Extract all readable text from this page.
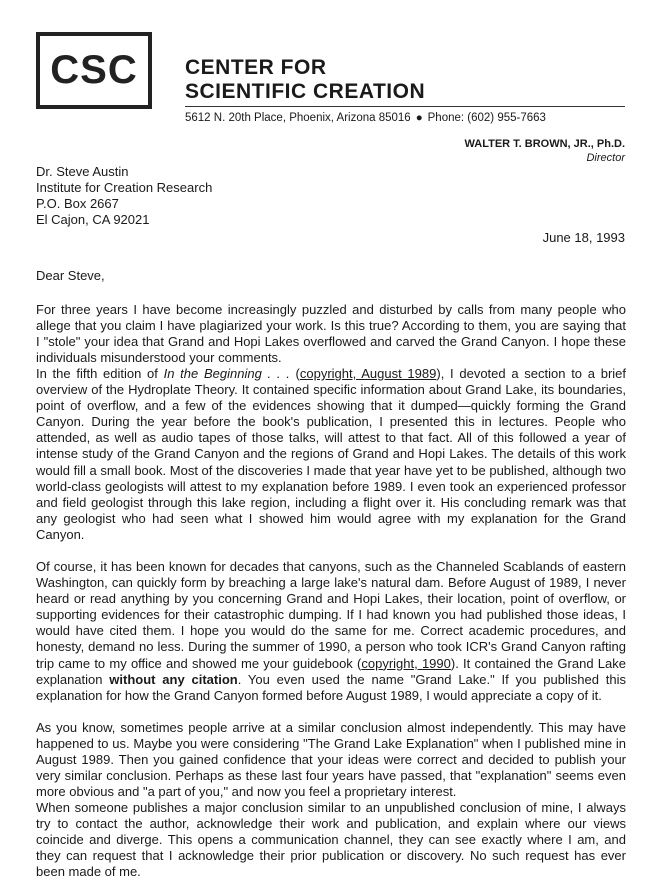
CSC CENTER FOR
SCIENTIFIC CREATION
5612 N. 20th Place, Phoenix, Arizona 85016 ● Phone: (602) 955-7663
WALTER T. BROWN, JR., Ph.D.
Director
Dr. Steve Austin
Institute for Creation Research
P.O. Box 2667
El Cajon, CA 92021
June 18, 1993
Dear Steve,
For three years I have become increasingly puzzled and disturbed by calls from many people who allege that you claim I have plagiarized your work. Is this true? According to them, you are saying that I "stole" your idea that Grand and Hopi Lakes overflowed and carved the Grand Canyon. I hope these individuals misunderstood your comments.
In the fifth edition of In the Beginning . . . (copyright, August 1989), I devoted a section to a brief overview of the Hydroplate Theory. It contained specific information about Grand Lake, its boundaries, point of overflow, and a few of the evidences showing that it dumped—quickly forming the Grand Canyon. During the year before the book's publication, I presented this in lectures. People who attended, as well as audio tapes of those talks, will attest to that fact. All of this followed a year of intense study of the Grand Canyon and the regions of Grand and Hopi Lakes. The details of this work would fill a small book. Most of the discoveries I made that year have yet to be published, although two world-class geologists will attest to my explanation before 1989. I even took an experienced professor and field geologist through this lake region, including a flight over it. His concluding remark was that any geologist who had seen what I showed him would agree with my explanation for the Grand Canyon.
Of course, it has been known for decades that canyons, such as the Channeled Scablands of eastern Washington, can quickly form by breaching a large lake's natural dam. Before August of 1989, I never heard or read anything by you concerning Grand and Hopi Lakes, their location, point of overflow, or supporting evidences for their catastrophic dumping. If I had known you had published those ideas, I would have cited them. I hope you would do the same for me. Correct academic procedures, and honesty, demand no less. During the summer of 1990, a person who took ICR's Grand Canyon rafting trip came to my office and showed me your guidebook (copyright, 1990). It contained the Grand Lake explanation without any citation. You even used the name "Grand Lake." If you published this explanation for how the Grand Canyon formed before August 1989, I would appreciate a copy of it.
As you know, sometimes people arrive at a similar conclusion almost independently. This may have happened to us. Maybe you were considering "The Grand Lake Explanation" when I published mine in August 1989. Then you gained confidence that your ideas were correct and decided to publish your very similar conclusion. Perhaps as these last four years have passed, that "explanation" seems even more obvious and "a part of you," and now you feel a proprietary interest.
When someone publishes a major conclusion similar to an unpublished conclusion of mine, I always try to contact the author, acknowledge their work and publication, and explain where our views coincide and diverge. This opens a communication channel, they can see exactly where I am, and they can request that I acknowledge their prior publication or discovery. No such request has ever been made of me.
